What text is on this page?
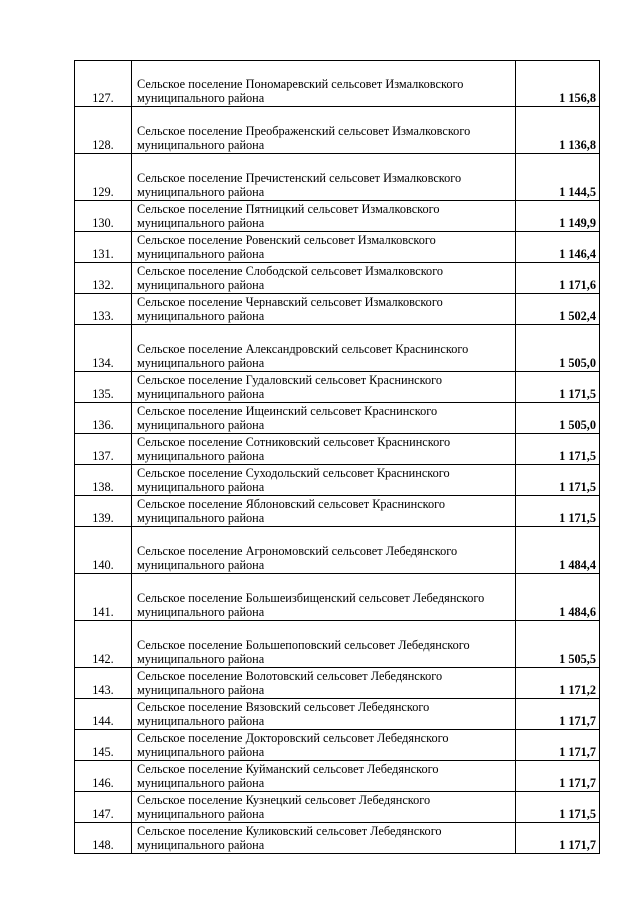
127.	Сельское поселение Пономаревский сельсовет Измалковского муниципального района	1 156,8
128.	Сельское поселение Преображенский сельсовет Измалковского муниципального района	1 136,8
129.	Сельское поселение Пречистенский сельсовет Измалковского муниципального района	1 144,5
130.	Сельское поселение Пятницкий сельсовет Измалковского муниципального района	1 149,9
131.	Сельское поселение Ровенский сельсовет Измалковского муниципального района	1 146,4
132.	Сельское поселение Слободской сельсовет Измалковского муниципального района	1 171,6
133.	Сельское поселение Чернавский сельсовет Измалковского муниципального района	1 502,4
134.	Сельское поселение Александровский сельсовет Краснинского муниципального района	1 505,0
135.	Сельское поселение Гудаловский сельсовет Краснинского муниципального района	1 171,5
136.	Сельское поселение Ищеинский сельсовет Краснинского муниципального района	1 505,0
137.	Сельское поселение Сотниковский сельсовет Краснинского муниципального района	1 171,5
138.	Сельское поселение Суходольский сельсовет Краснинского муниципального района	1 171,5
139.	Сельское поселение Яблоновский сельсовет Краснинского муниципального района	1 171,5
140.	Сельское поселение Агрономовский сельсовет Лебедянского муниципального района	1 484,4
141.	Сельское поселение Большеизбищенский сельсовет Лебедянского муниципального района	1 484,6
142.	Сельское поселение Большепоповский сельсовет Лебедянского муниципального района	1 505,5
143.	Сельское поселение Волотовский сельсовет Лебедянского муниципального района	1 171,2
144.	Сельское поселение Вязовский сельсовет Лебедянского муниципального района	1 171,7
145.	Сельское поселение Докторовский сельсовет Лебедянского муниципального района	1 171,7
146.	Сельское поселение Куйманский сельсовет Лебедянского муниципального района	1 171,7
147.	Сельское поселение Кузнецкий сельсовет Лебедянского муниципального района	1 171,5
148.	Сельское поселение Куликовский сельсовет Лебедянского муниципального района	1 171,7
